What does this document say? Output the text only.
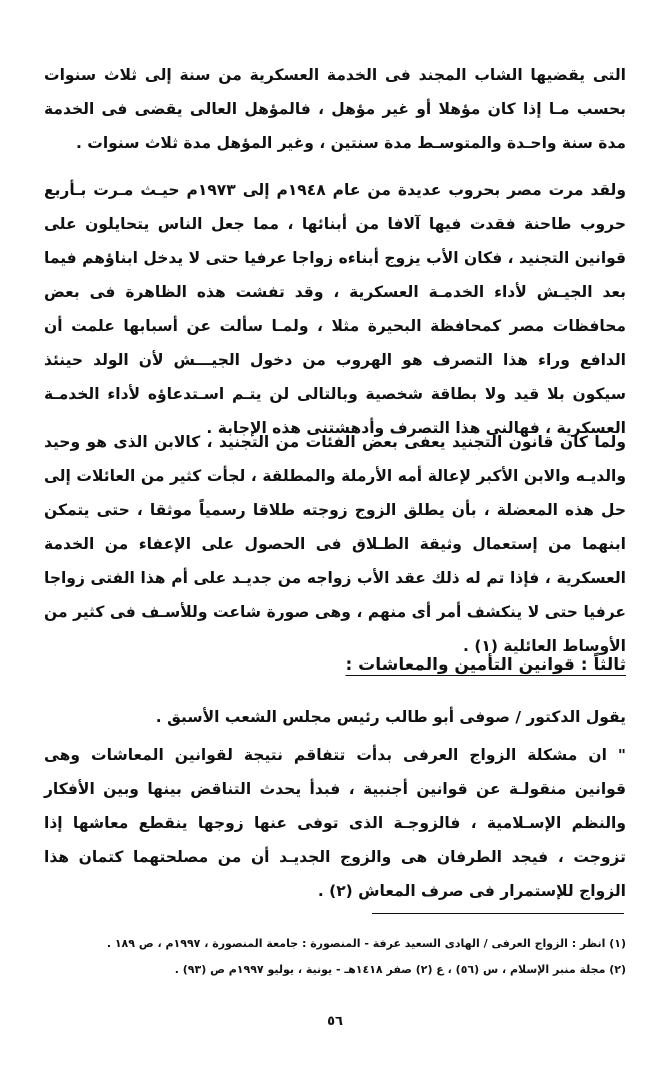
التى يقضيها الشاب المجند فى الخدمة العسكرية من سنة إلى ثلاث سنوات بحسب مـا إذا كان مؤهلا أو غير مؤهل ، فالمؤهل العالى يقضى فى الخدمة مدة سنة واحـدة والمتوسـط مدة سنتين ، وغير المؤهل مدة ثلاث سنوات .

ولقد مرت مصر بحروب عديدة من عام ١٩٤٨م إلى ١٩٧٣م حيـث مـرت بـأربع حروب طاحنة فقدت فيها آلافا من أبنائها ، مما جعل الناس يتحايلون على قوانين التجنيد ، فكان الأب يزوج أبناءه زواجا عرفيا حتى لا يدخل ابناؤهم فيما بعد الجيـش لأداء الخدمـة العسكرية ، وقد تفشت هذه الظاهرة فى بعض محافظات مصر كمحافظة البحيرة مثلا ، ولمـا سألت عن أسبابها علمت أن الدافع وراء هذا التصرف هو الهروب من دخول الجيـــش لأن الولد حينئذ سيكون بلا قيد ولا بطاقة شخصية وبالتالى لن يتـم اسـتدعاؤه لأداء الخدمـة العسكرية ، فهالنى هذا التصرف وأدهشتنى هذه الإجابة .

ولما كان قانون التجنيد يعفى بعض الفئات من التجنيد ، كالابن الذى هو وحيد والديـه والابن الأكبر لإعالة أمه الأرملة والمطلقة ، لجأت كثير من العائلات إلى حل هذه المعضلة ، بأن يطلق الزوج زوجته طلاقا رسمياً موثقا ، حتى يتمكن ابنهما من إستعمال وثيقة الطـلاق فى الحصول على الإعفاء من الخدمة العسكرية ، فإذا تم له ذلك عقد الأب زواجه من جديـد على أم هذا الفتى زواجا عرفيا حتى لا ينكشف أمر أى منهم ، وهى صورة شاعت وللأسـف فى كثير من الأوساط العائلية (١) .

ثالثاً : قوانين التأمين والمعاشات :

يقول الدكتور / صوفى أبو طالب رئيس مجلس الشعب الأسبق .

" ان مشكلة الزواج العرفى بدأت تتفاقم نتيجة لقوانين المعاشات وهى قوانين منقولـة عن قوانين أجنبية ، فبدأ يحدث التناقض بينها وبين الأفكار والنظم الإسـلامية ، فالزوجـة الذى توفى عنها زوجها ينقطع معاشها إذا تزوجت ، فيجد الطرفان هى والزوج الجديـد أن من مصلحتهما كتمان هذا الزواج للإستمرار فى صرف المعاش (٢) .

(١) انظر : الزواج العرفى / الهادى السعيد عرفة - المنصورة : جامعة المنصورة ، ١٩٩٧م ، ص ١٨٩ .

(٢) مجلة منبر الإسلام ، س (٥٦) ، ع (٢) صفر ١٤١٨هـ - يونية ، يوليو ١٩٩٧م ص (٩٣) .

٥٦
